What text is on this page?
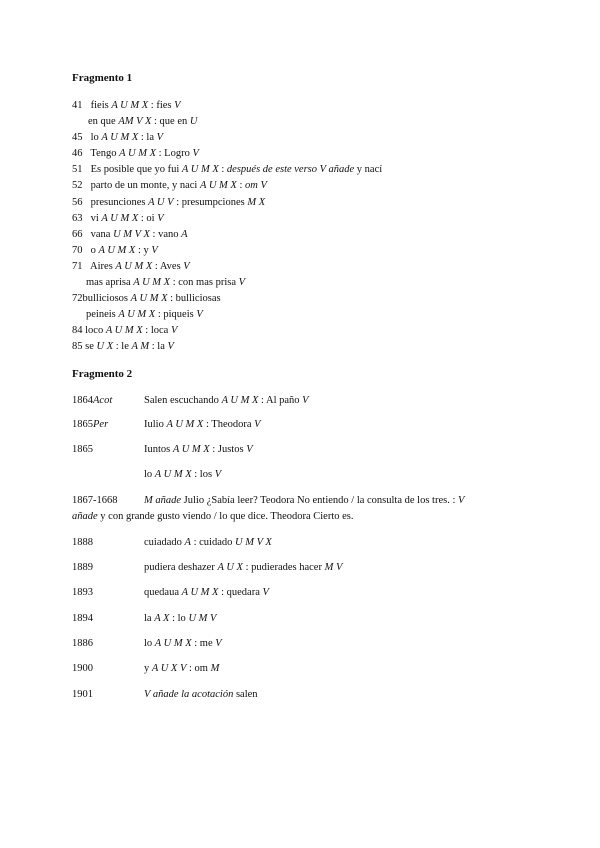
Fragmento 1
41 fieis A U M X : fies V
en que AM V X : que en U
45 lo A U M X : la V
46 Tengo A U M X : Logro V
51 Es posible que yo fui A U M X : después de este verso V añade y nací
52 parto de un monte, y naci A U M X : om V
56 presunciones A U V : presumpciones M X
63 vi A U M X : oi V
66 vana U M V X : vano A
70 o A U M X : y V
71 Aires A U M X : Aves V
mas aprisa A U M X : con mas prisa V
72bulliciosos A U M X : bulliciosas
peineis A U M X : piqueis V
84 loco A U M X : loca V
85 se U X : le A M : la V
Fragmento 2
1864Acot	Salen escuchando A U M X : Al paño V
1865Per	Iulio A U M X : Theodora V
1865	Iuntos A U M X : Justos V
lo A U M X : los V
1867-1668	M añade Julio ¿Sabía leer? Teodora No entiendo / la consulta de los tres. : V
añade y con grande gusto viendo / lo que dice. Theodora Cierto es.
1888	cuiadado A : cuidado U M V X
1889	pudiera deshazer A U X : pudierades hacer M V
1893	quedaua A U M X : quedara V
1894	la A X : lo U M V
1886	lo A U M X : me V
1900	y A U X V : om M
1901	V añade la acotación salen
